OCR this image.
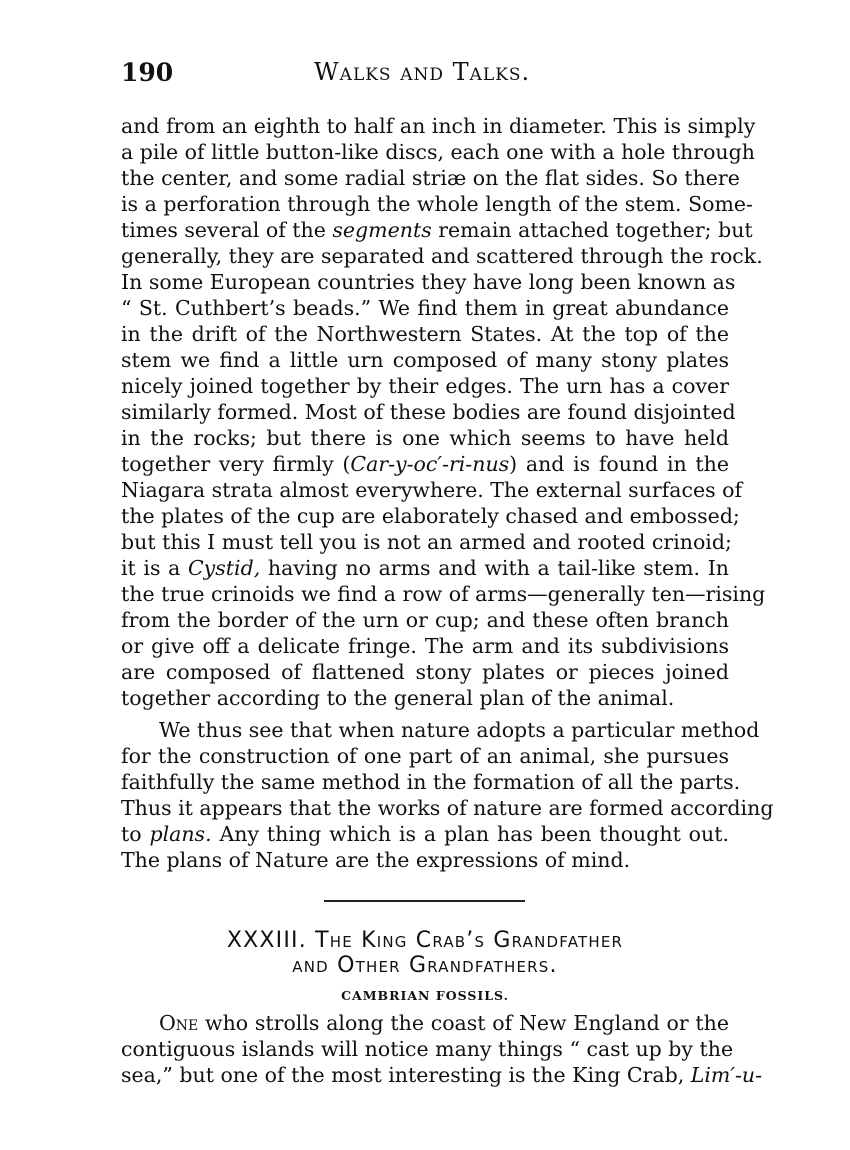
190	Walks and Talks.
and from an eighth to half an inch in diameter. This is simply
a pile of little button-like discs, each one with a hole through
the center, and some radial striæ on the flat sides. So there
is a perforation through the whole length of the stem. Some-
times several of the segments remain attached together; but
generally, they are separated and scattered through the rock.
In some European countries they have long been known as
“ St. Cuthbert’s beads.” We find them in great abundance
in the drift of the Northwestern States. At the top of the
stem we find a little urn composed of many stony plates
nicely joined together by their edges. The urn has a cover
similarly formed. Most of these bodies are found disjointed
in the rocks; but there is one which seems to have held
together very firmly (Car-y-oc′-ri-nus) and is found in the
Niagara strata almost everywhere. The external surfaces of
the plates of the cup are elaborately chased and embossed;
but this I must tell you is not an armed and rooted crinoid;
it is a Cystid, having no arms and with a tail-like stem. In
the true crinoids we find a row of arms—generally ten—rising
from the border of the urn or cup; and these often branch
or give off a delicate fringe. The arm and its subdivisions
are composed of flattened stony plates or pieces joined
together according to the general plan of the animal.
We thus see that when nature adopts a particular method
for the construction of one part of an animal, she pursues
faithfully the same method in the formation of all the parts.
Thus it appears that the works of nature are formed according
to plans. Any thing which is a plan has been thought out.
The plans of Nature are the expressions of mind.
XXXIII. The King Crab’s Grandfather
and Other Grandfathers.
CAMBRIAN FOSSILS.
One who strolls along the coast of New England or the
contiguous islands will notice many things “ cast up by the
sea,” but one of the most interesting is the King Crab, Lim′-u-
